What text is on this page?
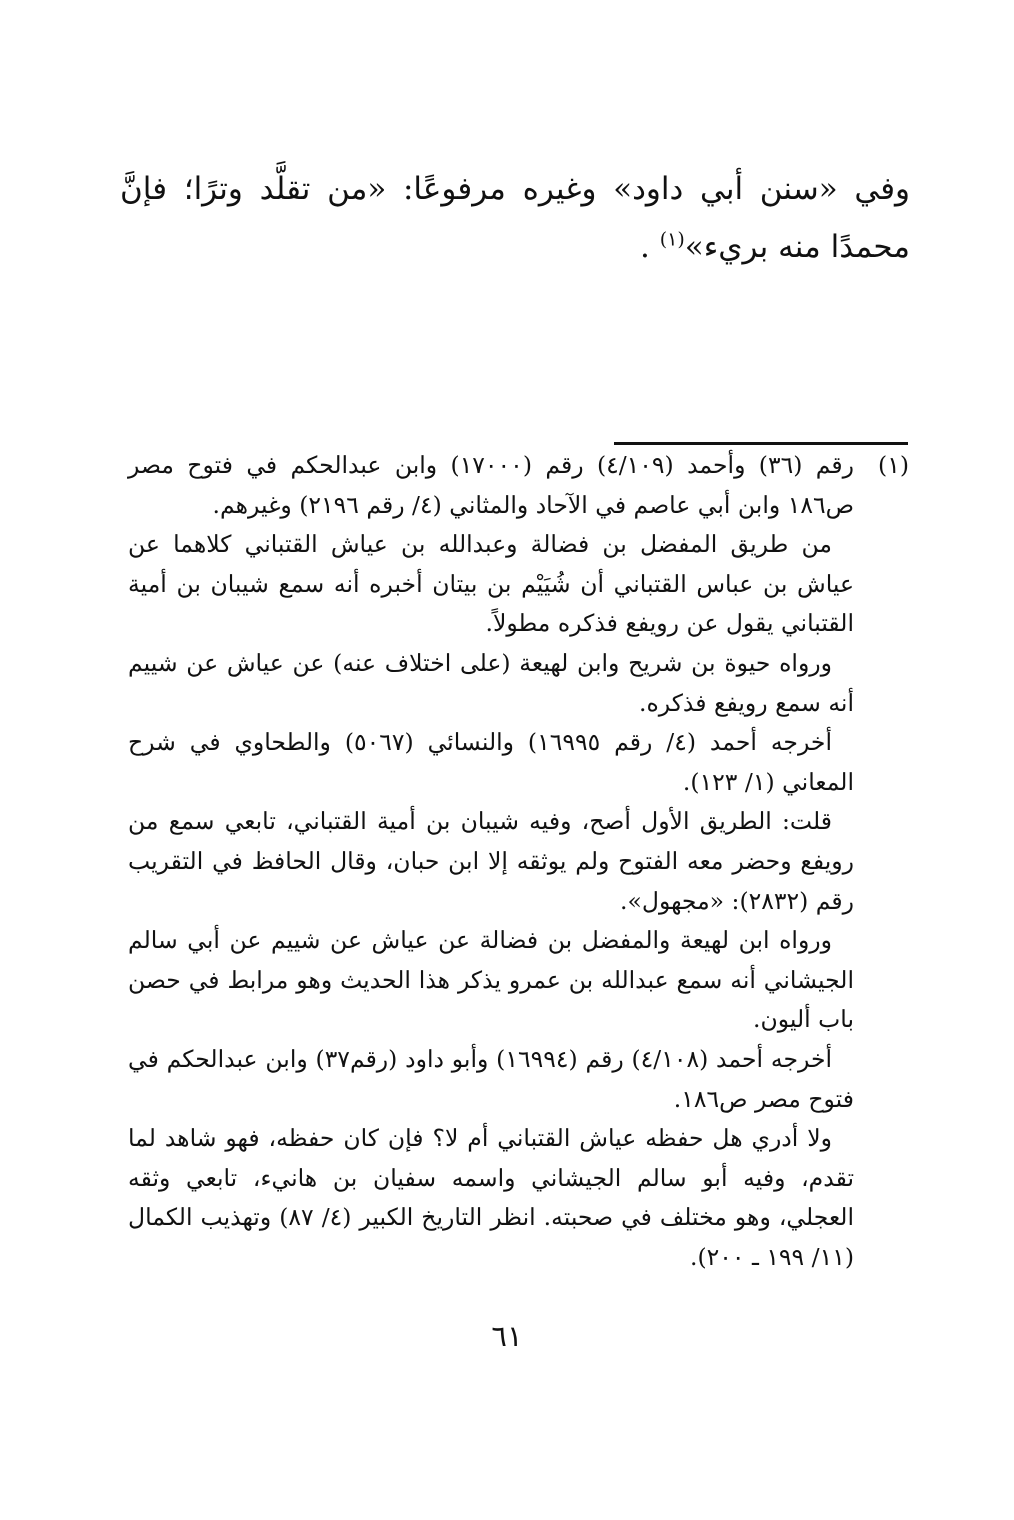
وفي «سنن أبي داود» وغيره مرفوعًا: «من تقلَّد وترًا؛ فإنَّ محمدًا منه بريء»$^{(١)}$ .

(١)

رقم (٣٦) وأحمد (٤/١٠٩) رقم (١٧٠٠٠) وابن عبدالحكم في فتوح مصر ص١٨٦ وابن أبي عاصم في الآحاد والمثاني (٤/ رقم ٢١٩٦) وغيرهم.

من طريق المفضل بن فضالة وعبدالله بن عياش القتباني كلاهما عن عياش بن عباس القتباني أن شُيَيْم بن بيتان أخبره أنه سمع شيبان بن أمية القتباني يقول عن رويفع فذكره مطولاً.

ورواه حيوة بن شريح وابن لهيعة (على اختلاف عنه) عن عياش عن شييم أنه سمع رويفع فذكره.

أخرجه أحمد (٤/ رقم ١٦٩٩٥) والنسائي (٥٠٦٧) والطحاوي في شرح المعاني (١/ ١٢٣).

قلت: الطريق الأول أصح، وفيه شيبان بن أمية القتباني، تابعي سمع من رويفع وحضر معه الفتوح ولم يوثقه إلا ابن حبان، وقال الحافظ في التقريب رقم (٢٨٣٢): «مجهول».

ورواه ابن لهيعة والمفضل بن فضالة عن عياش عن شييم عن أبي سالم الجيشاني أنه سمع عبدالله بن عمرو يذكر هذا الحديث وهو مرابط في حصن باب أليون.

أخرجه أحمد (٤/١٠٨) رقم (١٦٩٩٤) وأبو داود (رقم٣٧) وابن عبدالحكم في فتوح مصر ص١٨٦.

ولا أدري هل حفظه عياش القتباني أم لا؟ فإن كان حفظه، فهو شاهد لما تقدم، وفيه أبو سالم الجيشاني واسمه سفيان بن هانيء، تابعي وثقه العجلي، وهو مختلف في صحبته. انظر التاريخ الكبير (٤/ ٨٧) وتهذيب الكمال (١١/ ١٩٩ ـ ٢٠٠).

٦١
